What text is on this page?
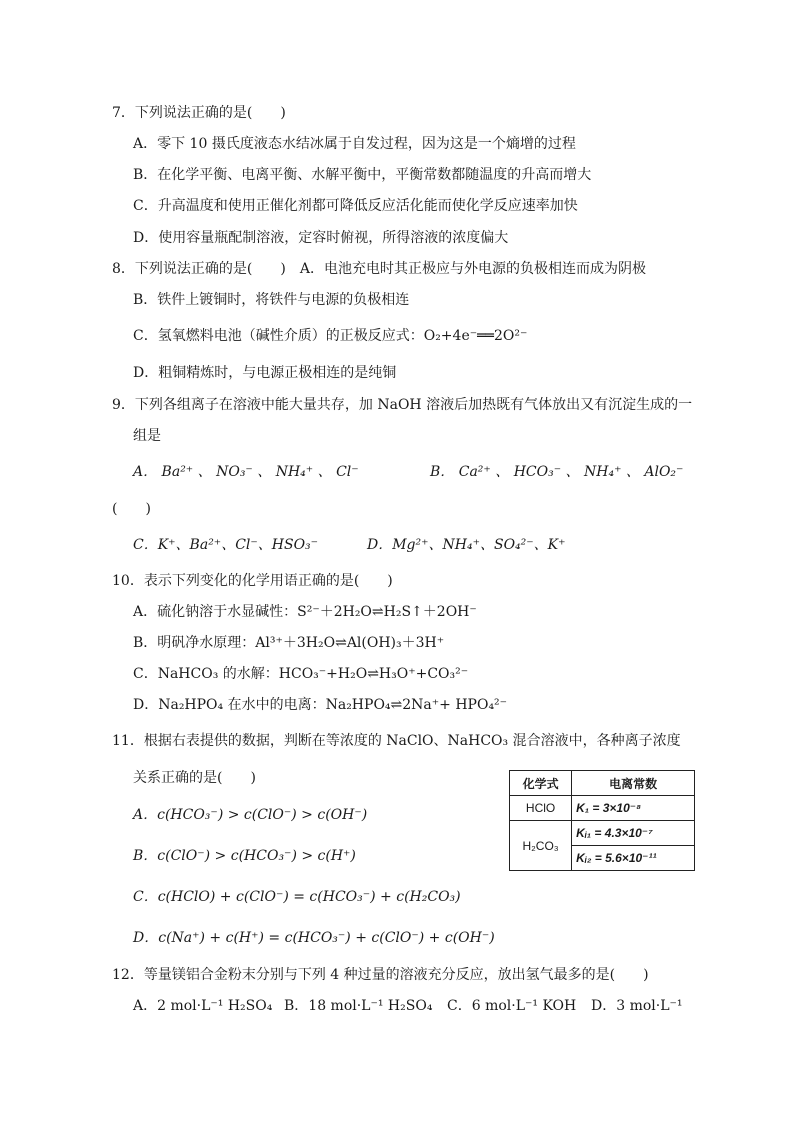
7．下列说法正确的是(　　)
A．零下 10 摄氏度液态水结冰属于自发过程，因为这是一个熵增的过程
B．在化学平衡、电离平衡、水解平衡中，平衡常数都随温度的升高而增大
C．升高温度和使用正催化剂都可降低反应活化能而使化学反应速率加快
D．使用容量瓶配制溶液，定容时俯视，所得溶液的浓度偏大
8．下列说法正确的是(　　)　A．电池充电时其正极应与外电源的负极相连而成为阴极
B．铁件上镀铜时，将铁件与电源的负极相连
C．氢氧燃料电池（碱性介质）的正极反应式：O₂+4e⁻══2O²⁻
D．粗铜精炼时，与电源正极相连的是纯铜
9．下列各组离子在溶液中能大量共存，加 NaOH 溶液后加热既有气体放出又有沉淀生成的一
组是
A． Ba²⁺ 、 NO₃⁻ 、 NH₄⁺ 、 Cl⁻	B． Ca²⁺ 、 HCO₃⁻ 、 NH₄⁺ 、 AlO₂⁻
(　　)
C．K⁺、Ba²⁺、Cl⁻、HSO₃⁻	D．Mg²⁺、NH₄⁺、SO₄²⁻、K⁺
10．表示下列变化的化学用语正确的是(　　)
A．硫化钠溶于水显碱性：S²⁻＋2H₂O⇌H₂S↑＋2OH⁻
B．明矾净水原理：Al³⁺＋3H₂O⇌Al(OH)₃＋3H⁺
C．NaHCO₃ 的水解：HCO₃⁻+H₂O⇌H₃O⁺+CO₃²⁻
D．Na₂HPO₄ 在水中的电离：Na₂HPO₄⇌2Na⁺+ HPO₄²⁻
11．根据右表提供的数据，判断在等浓度的 NaClO、NaHCO₃ 混合溶液中，各种离子浓度
关系正确的是(　　)
A．c(HCO₃⁻) > c(ClO⁻) > c(OH⁻)
B．c(ClO⁻) > c(HCO₃⁻) > c(H⁺)
C．c(HClO) + c(ClO⁻) = c(HCO₃⁻) + c(H₂CO₃)
D．c(Na⁺) + c(H⁺) = c(HCO₃⁻) + c(ClO⁻) + c(OH⁻)
化学式	电离常数
HClO	K₁ = 3×10⁻⁸
H₂CO₃	Kᵢ₁ = 4.3×10⁻⁷
	Kᵢ₂ = 5.6×10⁻¹¹
12．等量镁铝合金粉末分别与下列 4 种过量的溶液充分反应，放出氢气最多的是(　　)
A．2 mol·L⁻¹ H₂SO₄ B．18 mol·L⁻¹ H₂SO₄ C．6 mol·L⁻¹ KOH D．3 mol·L⁻¹
